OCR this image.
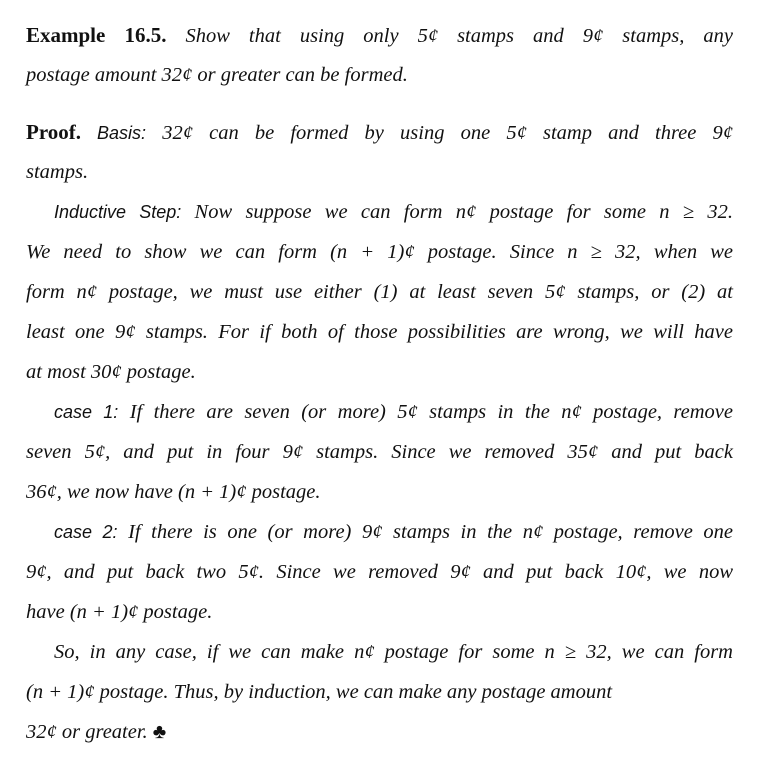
Example 16.5. Show that using only 5¢ stamps and 9¢ stamps, any
postage amount 32¢ or greater can be formed.
Proof. Basis: 32¢ can be formed by using one 5¢ stamp and three 9¢
stamps.
Inductive Step: Now suppose we can form n¢ postage for some n ≥ 32.
We need to show we can form (n + 1)¢ postage. Since n ≥ 32, when we
form n¢ postage, we must use either (1) at least seven 5¢ stamps, or (2) at
least one 9¢ stamps. For if both of those possibilities are wrong, we will have
at most 30¢ postage.
case 1: If there are seven (or more) 5¢ stamps in the n¢ postage, remove
seven 5¢, and put in four 9¢ stamps. Since we removed 35¢ and put back
36¢, we now have (n + 1)¢ postage.
case 2: If there is one (or more) 9¢ stamps in the n¢ postage, remove one
9¢, and put back two 5¢. Since we removed 9¢ and put back 10¢, we now
have (n + 1)¢ postage.
So, in any case, if we can make n¢ postage for some n ≥ 32, we can form
(n + 1)¢ postage. Thus, by induction, we can make any postage amount
32¢ or greater. ♣
